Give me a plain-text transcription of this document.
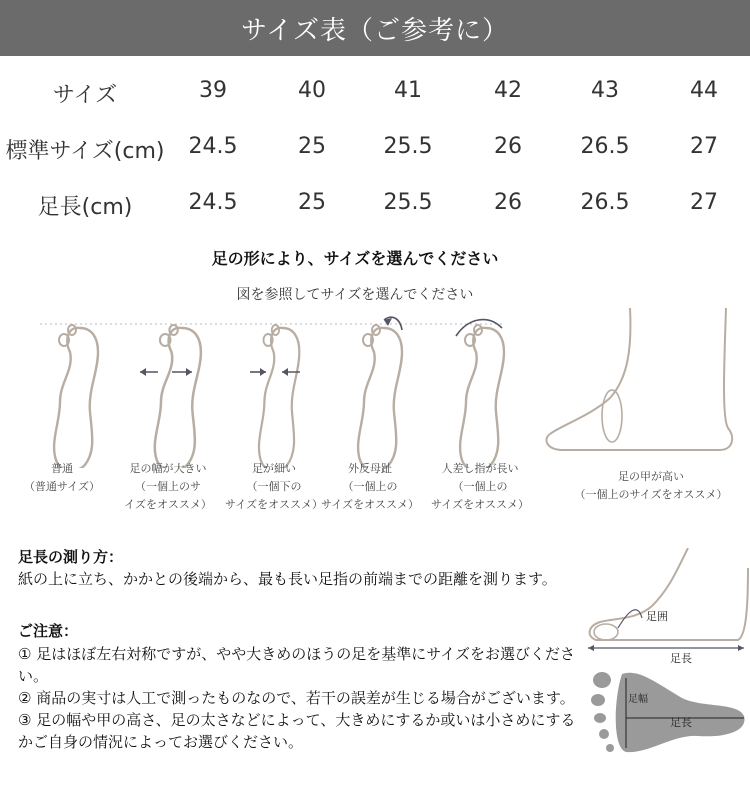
サイズ表（ご参考に）
サイズ	39	40	41	42	43	44
標準サイズ(cm)	24.5	25	25.5	26	26.5	27
足長(cm)	24.5	25	25.5	26	26.5	27
足の形により、サイズを選んでください
図を参照してサイズを選んでください
普通
（普通サイズ）
足の幅が大きい
（一個上のサ
イズをオススメ）
足が細い
（一個下の
サイズをオススメ）
外反母趾
（一個上の
サイズをオススメ）
人差し指が長い
（一個上の
サイズをオススメ）
足の甲が高い
（一個上のサイズをオススメ）
足長の測り方：
紙の上に立ち、かかとの後端から、最も長い足指の前端までの距離を測ります。
ご注意：
① 足はほぼ左右対称ですが、やや大きめのほうの足を基準にサイズをお選びください。
② 商品の実寸は人工で測ったものなので、若干の誤差が生じる場合がございます。
③ 足の幅や甲の高さ、足の太さなどによって、大きめにするか或いは小さめにするかご自身の情況によってお選びください。
足囲
足長
足幅
足長
